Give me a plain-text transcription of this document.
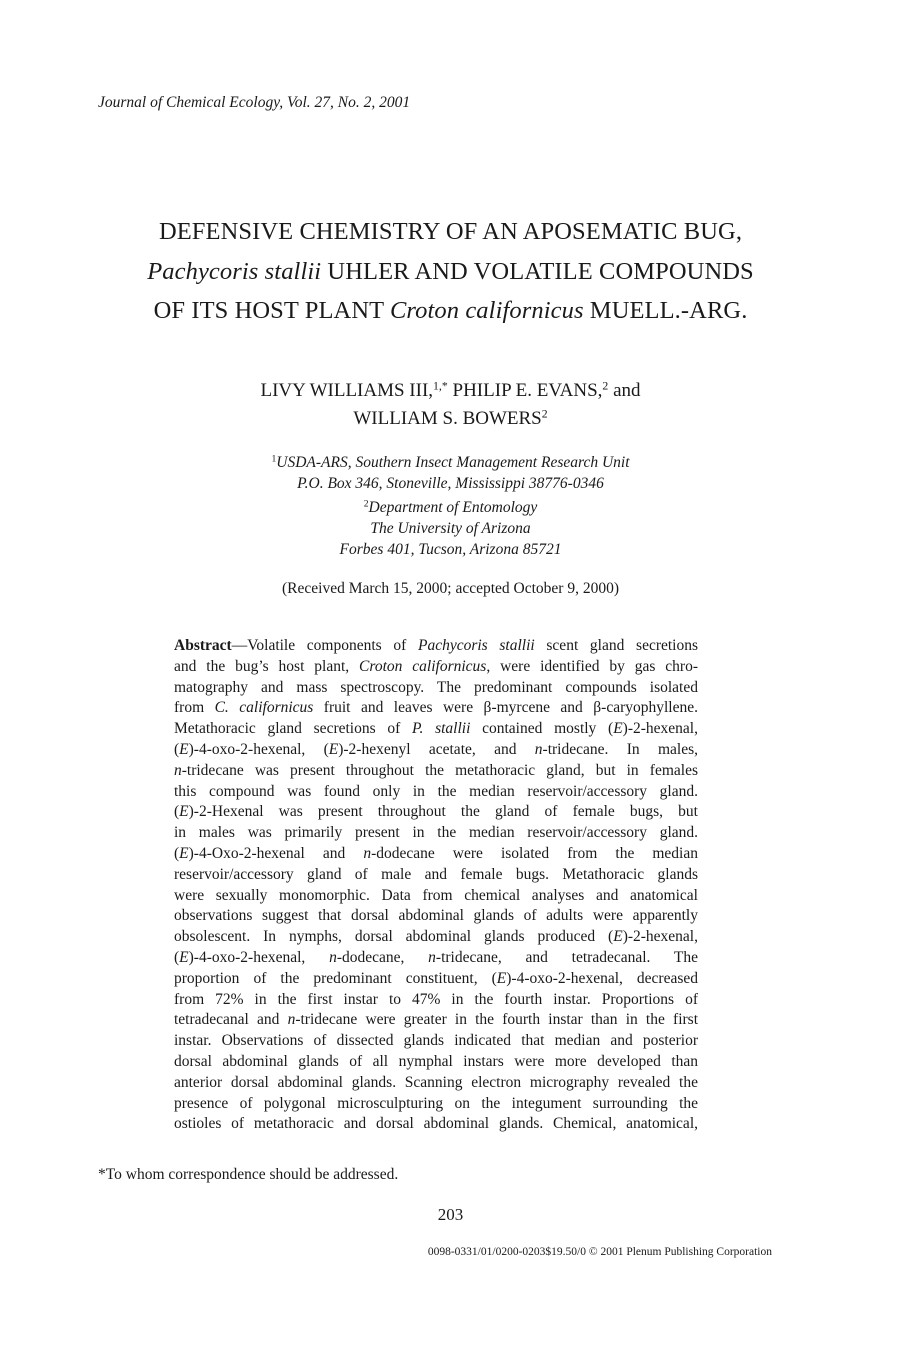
Journal of Chemical Ecology, Vol. 27, No. 2, 2001
DEFENSIVE CHEMISTRY OF AN APOSEMATIC BUG,
Pachycoris stallii UHLER AND VOLATILE COMPOUNDS
OF ITS HOST PLANT Croton californicus MUELL.-ARG.
LIVY WILLIAMS III,$^{1,*}$ PHILIP E. EVANS,$^2$ and
WILLIAM S. BOWERS$^2$
$^1$USDA-ARS, Southern Insect Management Research Unit
P.O. Box 346, Stoneville, Mississippi 38776-0346
$^2$Department of Entomology
The University of Arizona
Forbes 401, Tucson, Arizona 85721
(Received March 15, 2000; accepted October 9, 2000)
Abstract—Volatile components of Pachycoris stallii scent gland secretions
and the bug’s host plant, Croton californicus, were identified by gas chro-
matography and mass spectroscopy. The predominant compounds isolated
from C. californicus fruit and leaves were β-myrcene and β-caryophyllene.
Metathoracic gland secretions of P. stallii contained mostly (E)-2-hexenal,
(E)-4-oxo-2-hexenal, (E)-2-hexenyl acetate, and n-tridecane. In males,
n-tridecane was present throughout the metathoracic gland, but in females
this compound was found only in the median reservoir/accessory gland.
(E)-2-Hexenal was present throughout the gland of female bugs, but
in males was primarily present in the median reservoir/accessory gland.
(E)-4-Oxo-2-hexenal and n-dodecane were isolated from the median
reservoir/accessory gland of male and female bugs. Metathoracic glands
were sexually monomorphic. Data from chemical analyses and anatomical
observations suggest that dorsal abdominal glands of adults were apparently
obsolescent. In nymphs, dorsal abdominal glands produced (E)-2-hexenal,
(E)-4-oxo-2-hexenal, n-dodecane, n-tridecane, and tetradecanal. The
proportion of the predominant constituent, (E)-4-oxo-2-hexenal, decreased
from 72% in the first instar to 47% in the fourth instar. Proportions of
tetradecanal and n-tridecane were greater in the fourth instar than in the first
instar. Observations of dissected glands indicated that median and posterior
dorsal abdominal glands of all nymphal instars were more developed than
anterior dorsal abdominal glands. Scanning electron micrography revealed the
presence of polygonal microsculpturing on the integument surrounding the
ostioles of metathoracic and dorsal abdominal glands. Chemical, anatomical,
*To whom correspondence should be addressed.
203
0098-0331/01/0200-0203$19.50/0 © 2001 Plenum Publishing Corporation
